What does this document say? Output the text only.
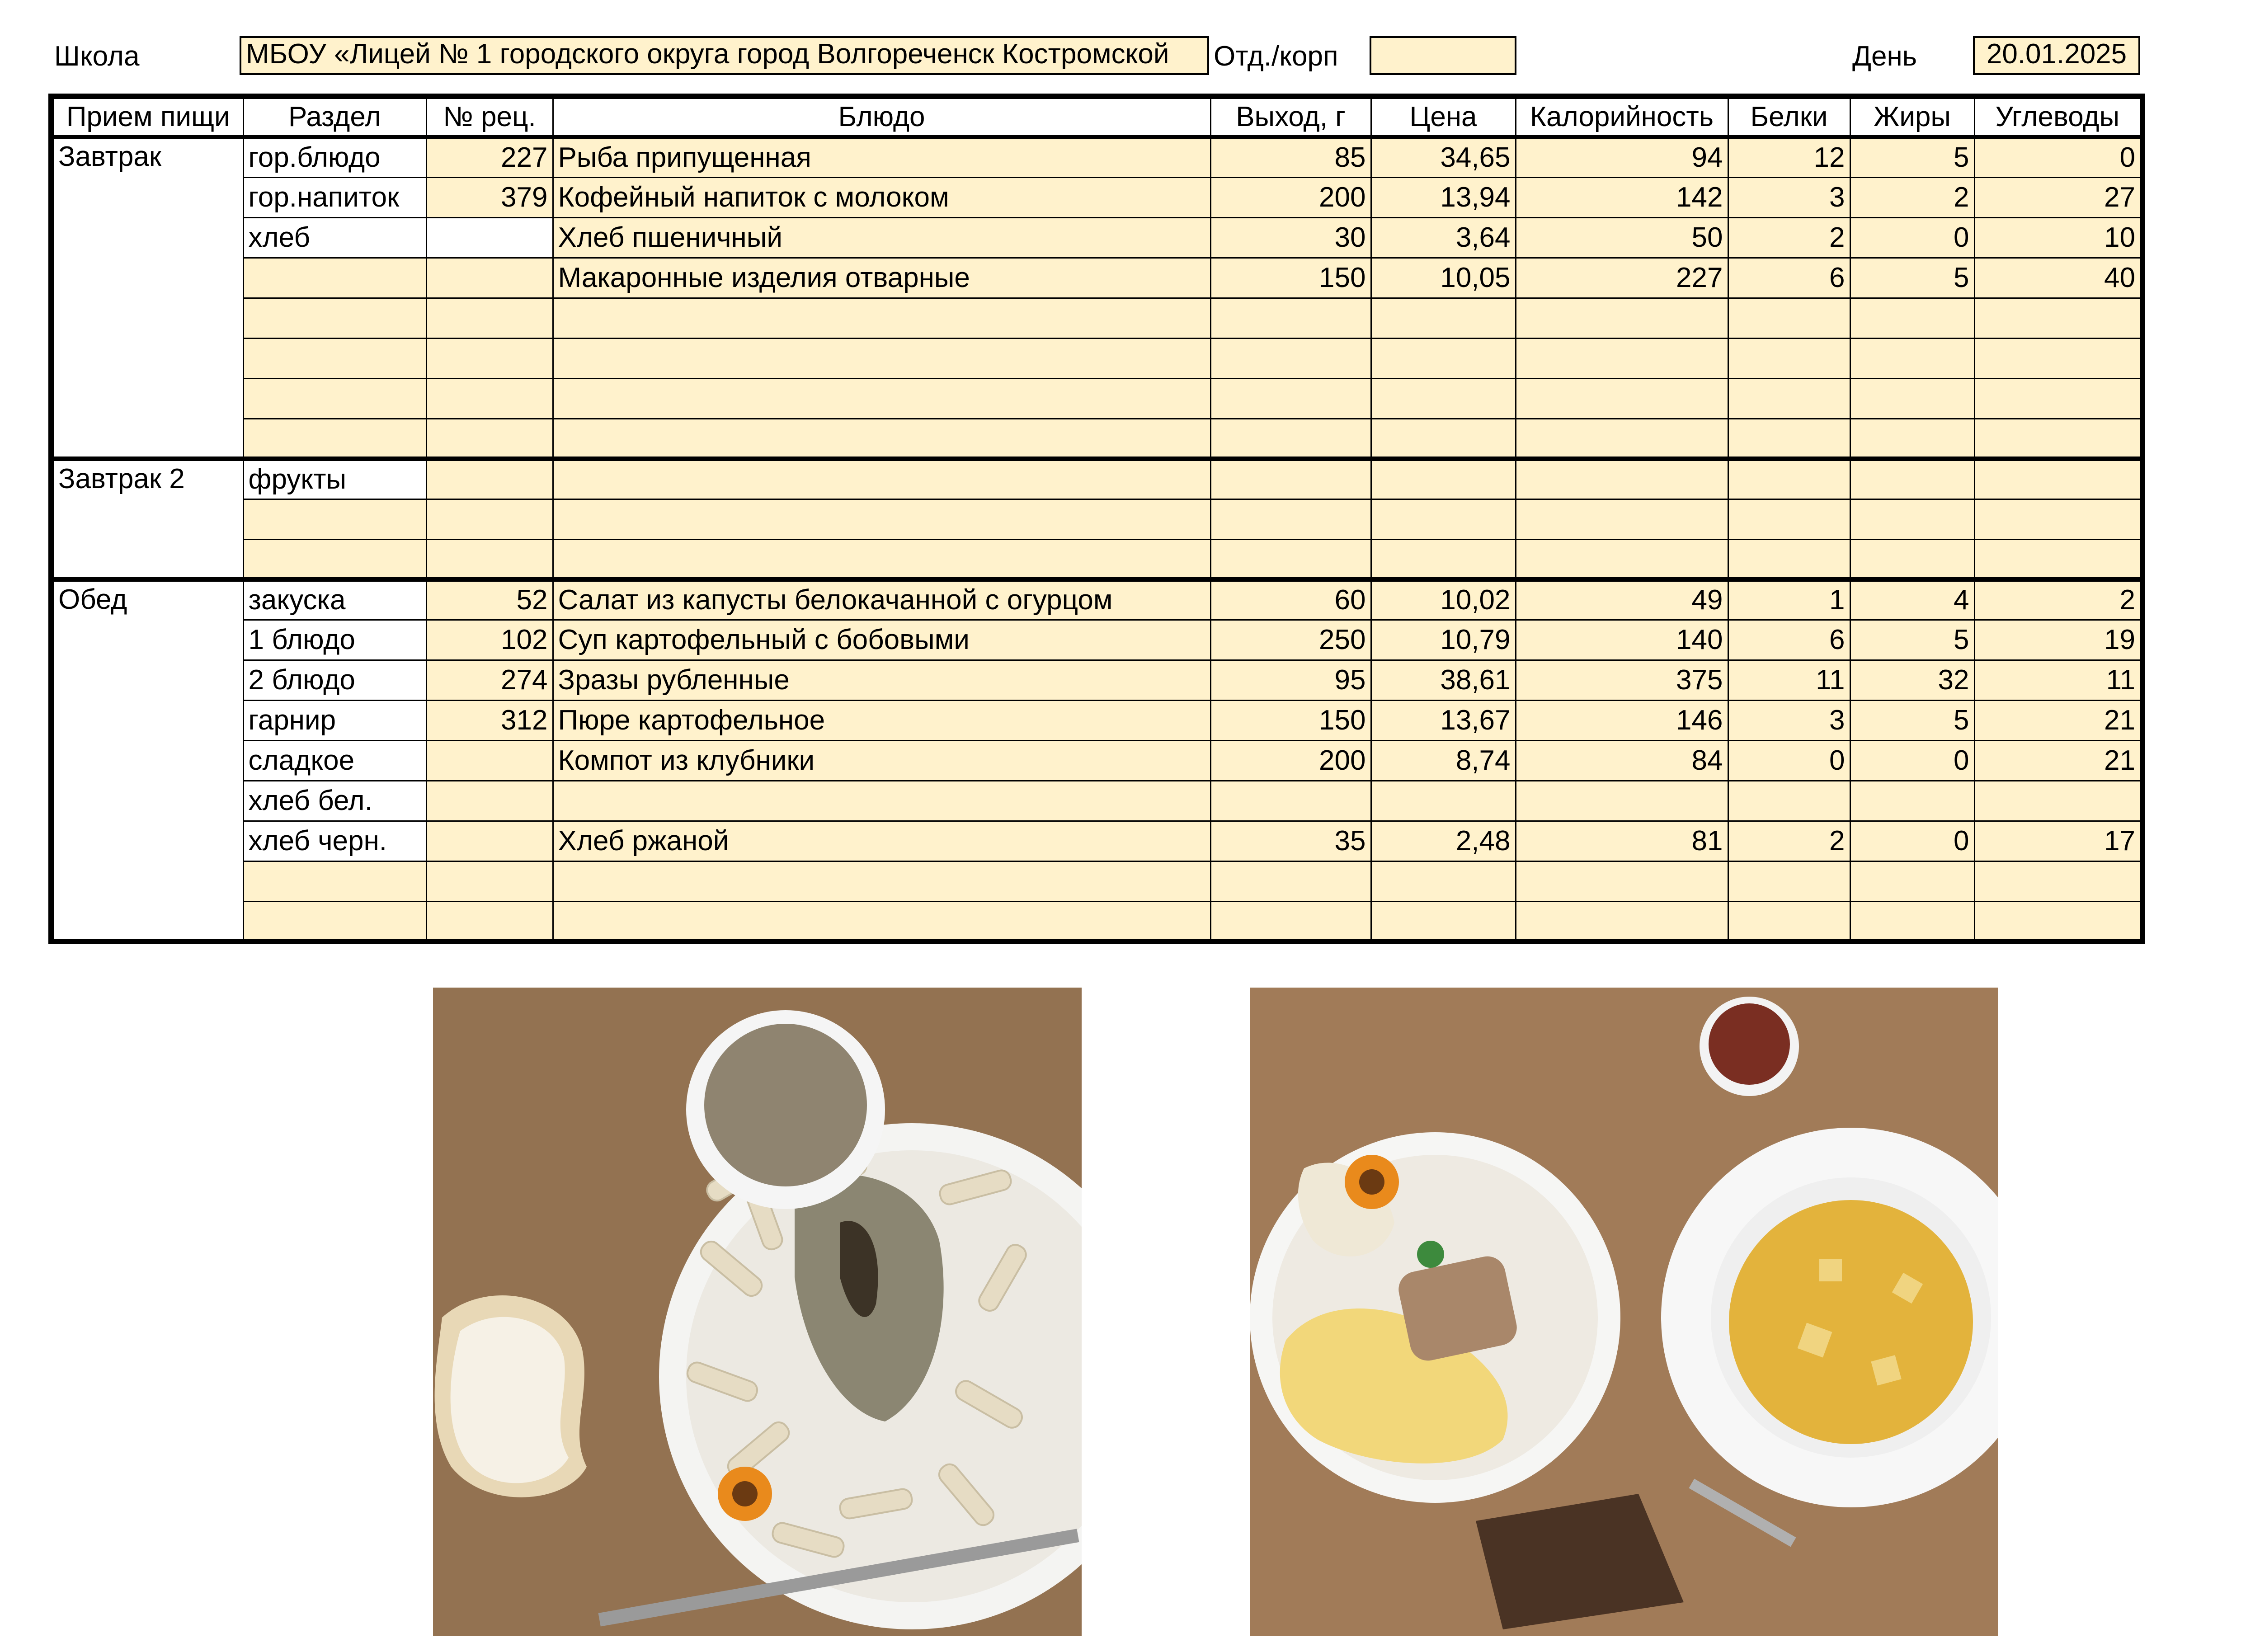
Школа	МБОУ «Лицей № 1 городского округа город Волгореченск Костромской	Отд./корп	День	20.01.2025
Прием пищи	Раздел	№ рец.	Блюдо	Выход, г	Цена	Калорийность	Белки	Жиры	Углеводы
Завтрак	гор.блюдо	227	Рыба припущенная	85	34,65	94	12	5	0
	гор.напиток	379	Кофейный напиток с молоком	200	13,94	142	3	2	27
	хлеб		Хлеб пшеничный	30	3,64	50	2	0	10
			Макаронные изделия отварные	150	10,05	227	6	5	40

Завтрак 2	фрукты								

Обед	закуска	52	Салат из капусты белокачанной с огурцом	60	10,02	49	1	4	2
	1 блюдо	102	Суп картофельный с бобовыми	250	10,79	140	6	5	19
	2 блюдо	274	Зразы рубленные	95	38,61	375	11	32	11
	гарнир	312	Пюре картофельное	150	13,67	146	3	5	21
	сладкое		Компот из клубники	200	8,74	84	0	0	21
	хлеб бел.								
	хлеб черн.		Хлеб ржаной	35	2,48	81	2	0	17
